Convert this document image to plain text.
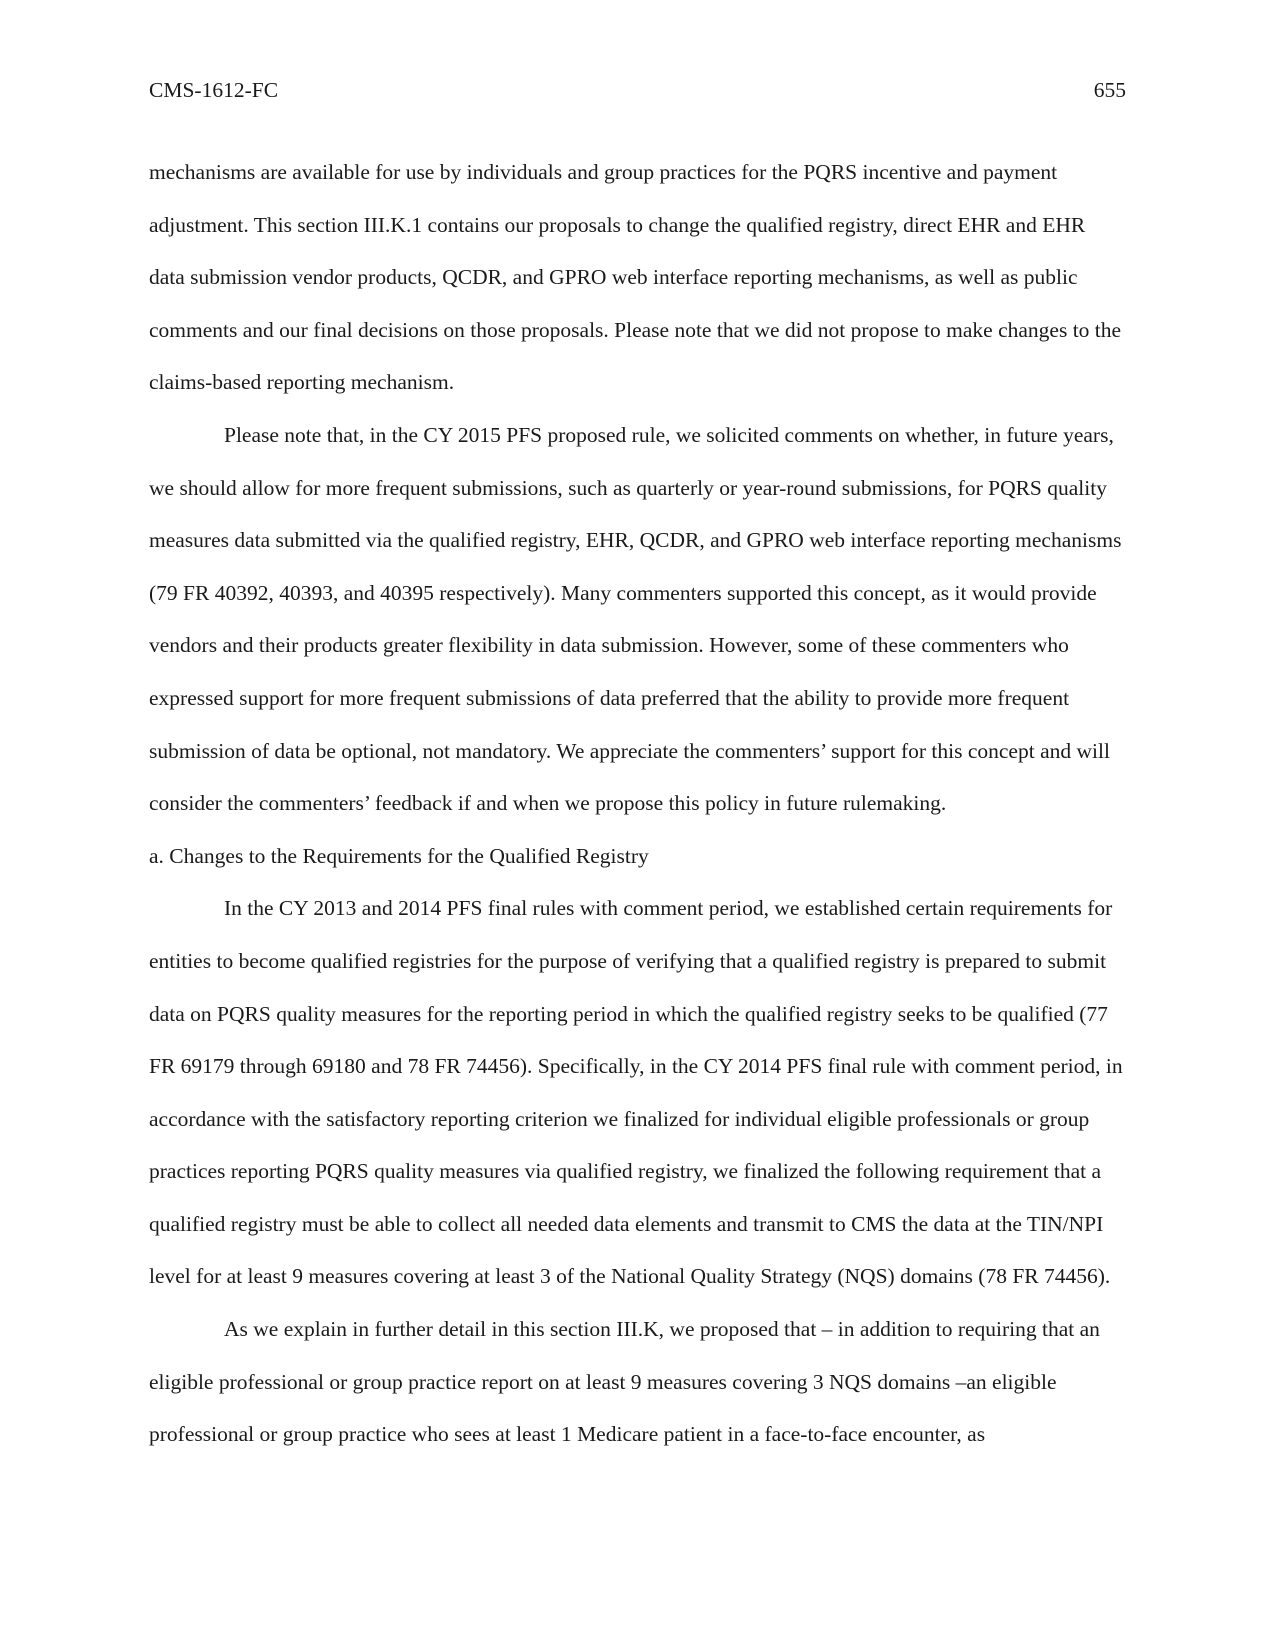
CMS-1612-FC	655

mechanisms are available for use by individuals and group practices for the PQRS incentive and payment adjustment. This section III.K.1 contains our proposals to change the qualified registry, direct EHR and EHR data submission vendor products, QCDR, and GPRO web interface reporting mechanisms, as well as public comments and our final decisions on those proposals. Please note that we did not propose to make changes to the claims-based reporting mechanism.

Please note that, in the CY 2015 PFS proposed rule, we solicited comments on whether, in future years, we should allow for more frequent submissions, such as quarterly or year-round submissions, for PQRS quality measures data submitted via the qualified registry, EHR, QCDR, and GPRO web interface reporting mechanisms (79 FR 40392, 40393, and 40395 respectively). Many commenters supported this concept, as it would provide vendors and their products greater flexibility in data submission. However, some of these commenters who expressed support for more frequent submissions of data preferred that the ability to provide more frequent submission of data be optional, not mandatory. We appreciate the commenters’ support for this concept and will consider the commenters’ feedback if and when we propose this policy in future rulemaking.

a. Changes to the Requirements for the Qualified Registry

In the CY 2013 and 2014 PFS final rules with comment period, we established certain requirements for entities to become qualified registries for the purpose of verifying that a qualified registry is prepared to submit data on PQRS quality measures for the reporting period in which the qualified registry seeks to be qualified (77 FR 69179 through 69180 and 78 FR 74456). Specifically, in the CY 2014 PFS final rule with comment period, in accordance with the satisfactory reporting criterion we finalized for individual eligible professionals or group practices reporting PQRS quality measures via qualified registry, we finalized the following requirement that a qualified registry must be able to collect all needed data elements and transmit to CMS the data at the TIN/NPI level for at least 9 measures covering at least 3 of the National Quality Strategy (NQS) domains (78 FR 74456).

As we explain in further detail in this section III.K, we proposed that – in addition to requiring that an eligible professional or group practice report on at least 9 measures covering 3 NQS domains –an eligible professional or group practice who sees at least 1 Medicare patient in a face-to-face encounter, as
